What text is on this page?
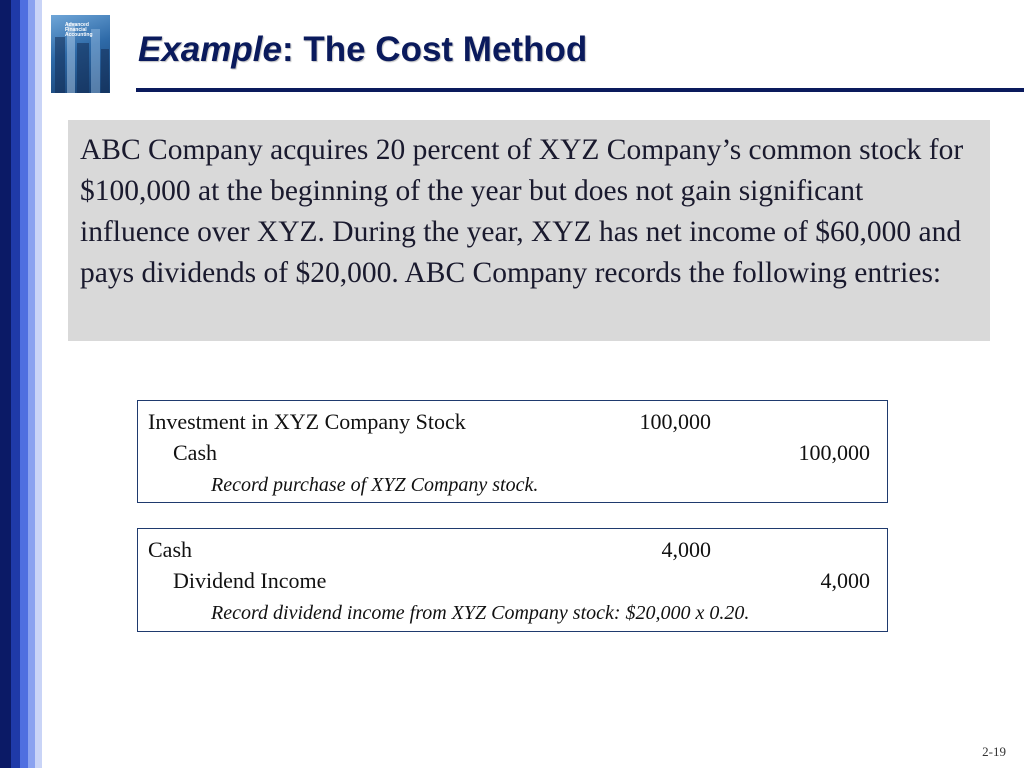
Advanced
Financial
Accounting	Example: The Cost Method

ABC Company acquires 20 percent of XYZ Company’s common stock for $100,000 at the beginning of the year but does not gain significant influence over XYZ. During the year, XYZ has net income of $60,000 and pays dividends of $20,000. ABC Company records the following entries:

Investment in XYZ Company Stock	100,000
Cash	100,000
Record purchase of XYZ Company stock.
Cash	4,000
Dividend Income	4,000
Record dividend income from XYZ Company stock: $20,000 x 0.20.
2-19
